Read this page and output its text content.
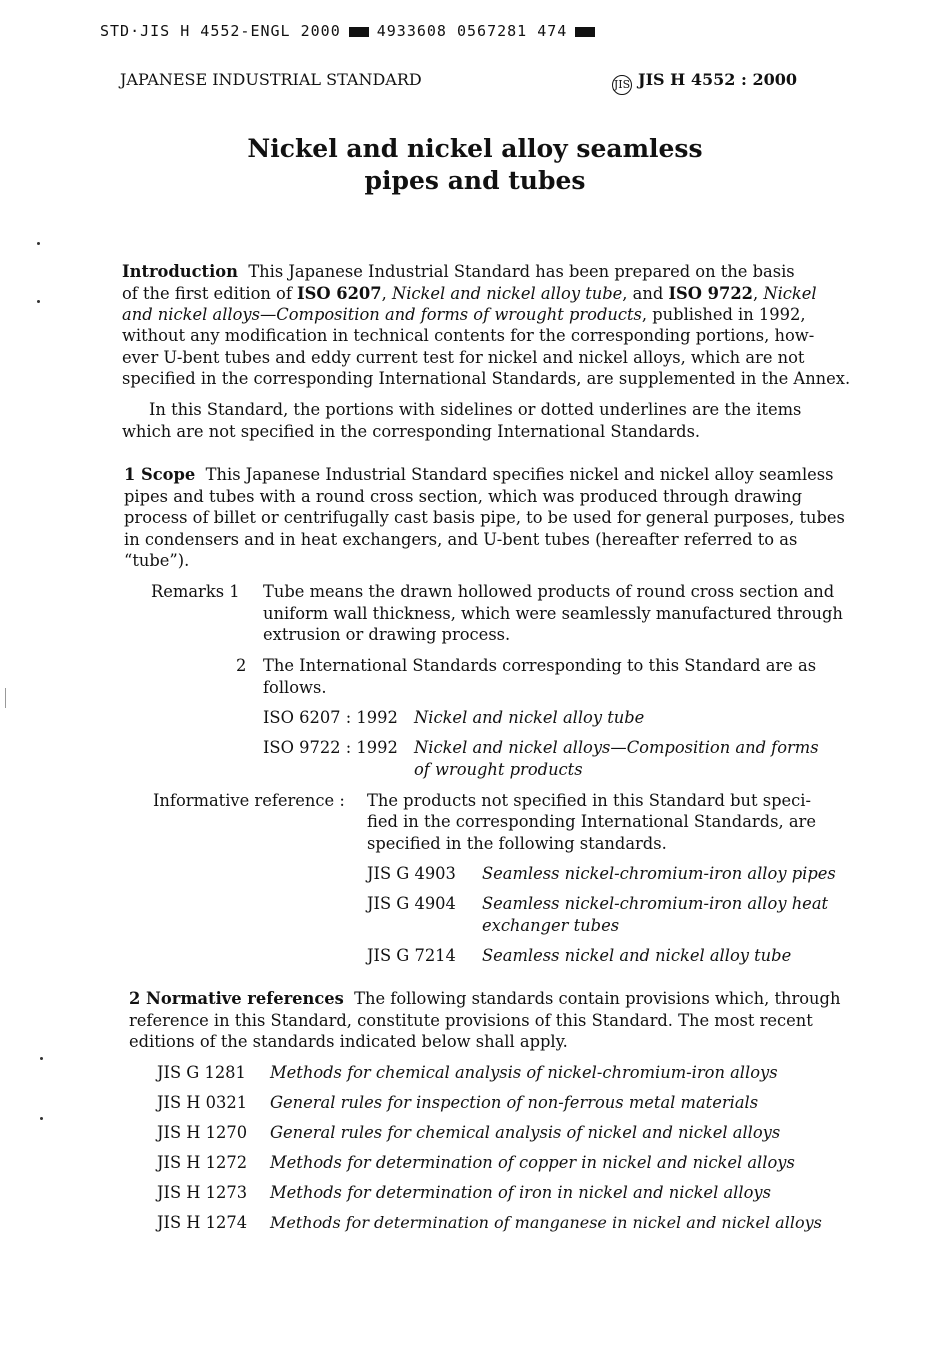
STD·JIS H 4552-ENGL 2000 4933608 0567281 474
JAPANESE INDUSTRIAL STANDARD	JIS JIS H 4552 : 2000
Nickel and nickel alloy seamless
pipes and tubes
Introduction This Japanese Industrial Standard has been prepared on the basis
of the first edition of ISO 6207, Nickel and nickel alloy tube, and ISO 9722, Nickel
and nickel alloys—Composition and forms of wrought products, published in 1992,
without any modification in technical contents for the corresponding portions, how-
ever U-bent tubes and eddy current test for nickel and nickel alloys, which are not
specified in the corresponding International Standards, are supplemented in the Annex.
In this Standard, the portions with sidelines or dotted underlines are the items
which are not specified in the corresponding International Standards.
1 Scope This Japanese Industrial Standard specifies nickel and nickel alloy seamless
pipes and tubes with a round cross section, which was produced through drawing
process of billet or centrifugally cast basis pipe, to be used for general purposes, tubes
in condensers and in heat exchangers, and U-bent tubes (hereafter referred to as
“tube”).
Remarks 1 Tube means the drawn hollowed products of round cross section and
uniform wall thickness, which were seamlessly manufactured through
extrusion or drawing process.
2 The International Standards corresponding to this Standard are as
follows.
ISO 6207 : 1992 Nickel and nickel alloy tube
ISO 9722 : 1992 Nickel and nickel alloys—Composition and forms
of wrought products
Informative reference : The products not specified in this Standard but speci-
fied in the corresponding International Standards, are
specified in the following standards.
JIS G 4903 Seamless nickel-chromium-iron alloy pipes
JIS G 4904 Seamless nickel-chromium-iron alloy heat
exchanger tubes
JIS G 7214 Seamless nickel and nickel alloy tube
2 Normative references The following standards contain provisions which, through
reference in this Standard, constitute provisions of this Standard. The most recent
editions of the standards indicated below shall apply.
JIS G 1281 Methods for chemical analysis of nickel-chromium-iron alloys
JIS H 0321 General rules for inspection of non-ferrous metal materials
JIS H 1270 General rules for chemical analysis of nickel and nickel alloys
JIS H 1272 Methods for determination of copper in nickel and nickel alloys
JIS H 1273 Methods for determination of iron in nickel and nickel alloys
JIS H 1274 Methods for determination of manganese in nickel and nickel alloys
